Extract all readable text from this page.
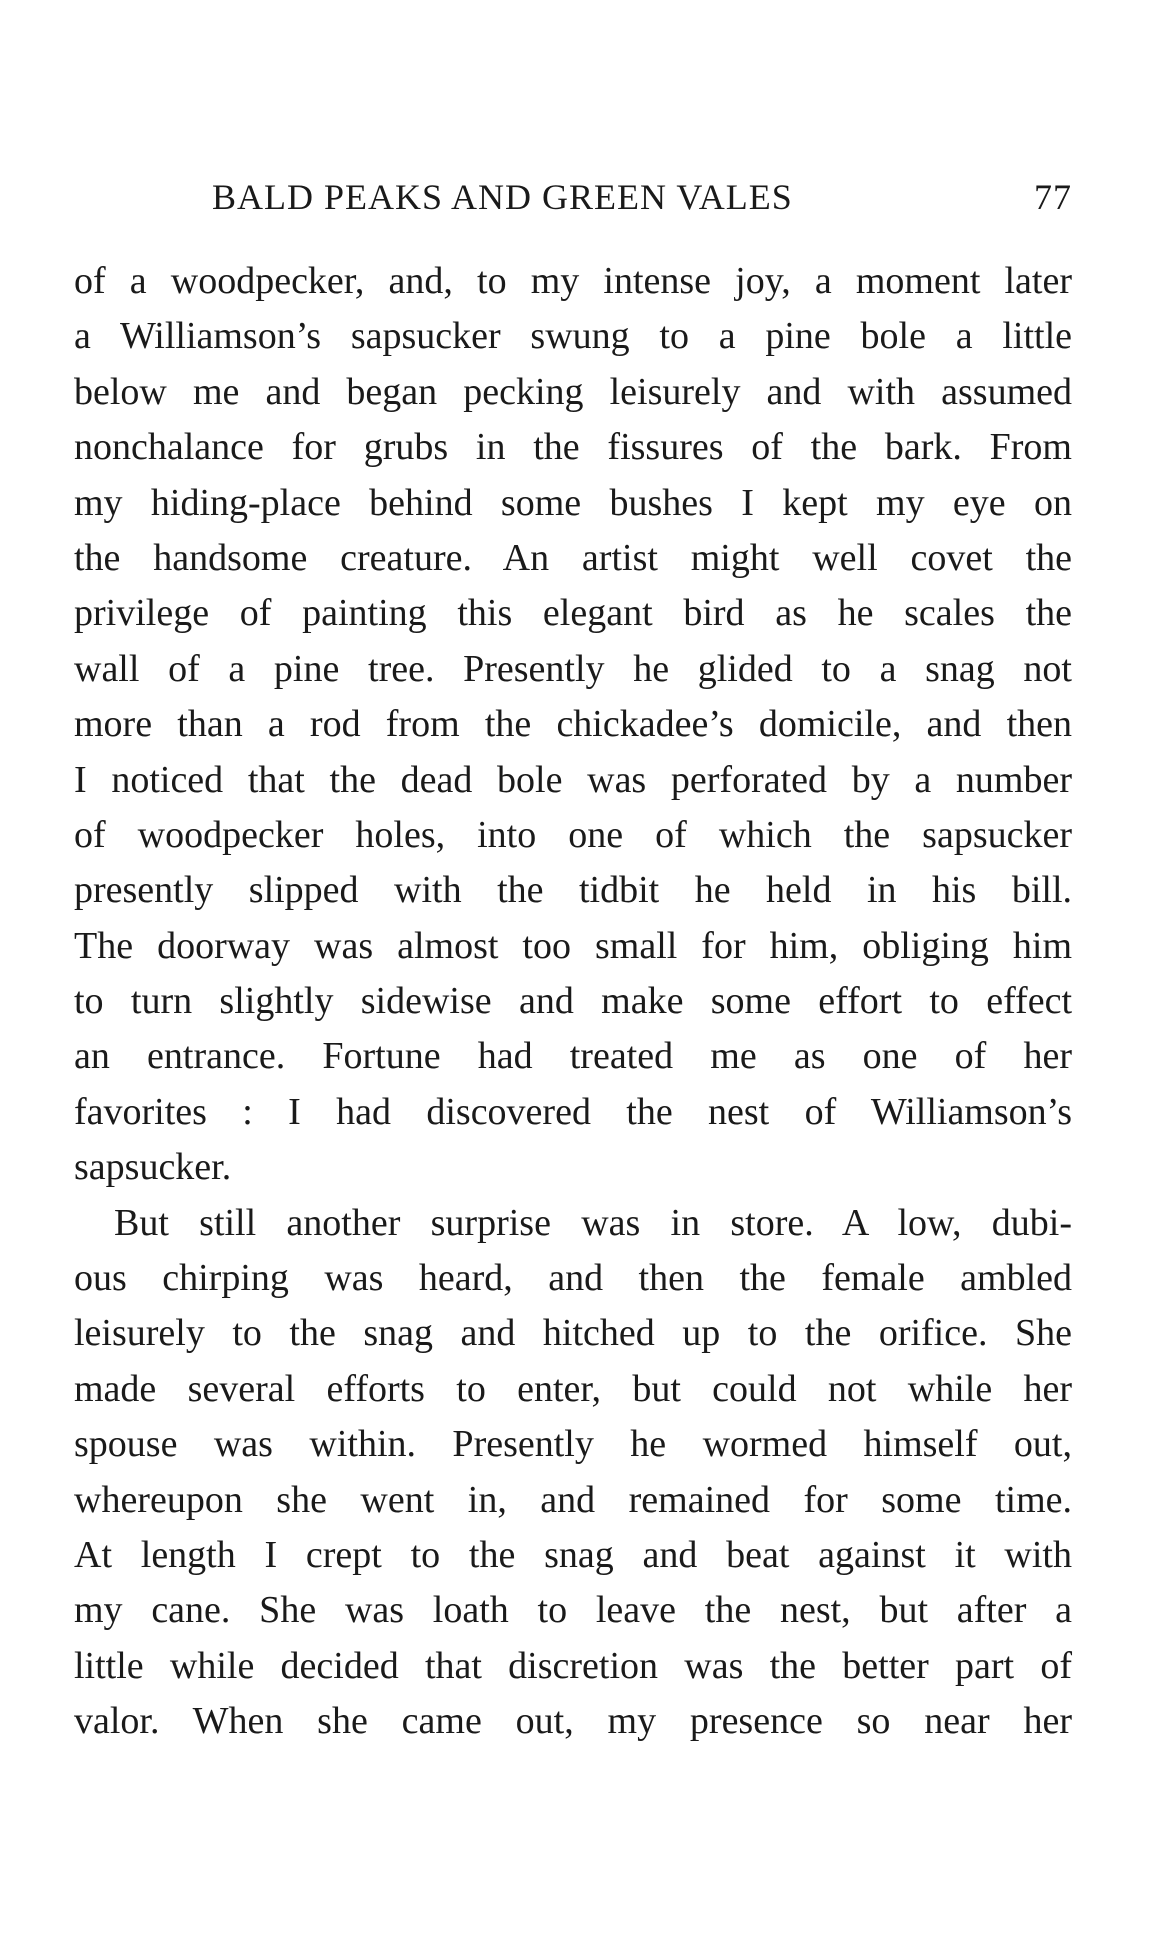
BALD PEAKS AND GREEN VALES	77
of a woodpecker, and, to my intense joy, a moment later
a Williamson’s sapsucker swung to a pine bole a little
below me and began pecking leisurely and with assumed
nonchalance for grubs in the fissures of the bark. From
my hiding-place behind some bushes I kept my eye on
the handsome creature. An artist might well covet the
privilege of painting this elegant bird as he scales the
wall of a pine tree. Presently he glided to a snag not
more than a rod from the chickadee’s domicile, and then
I noticed that the dead bole was perforated by a number
of woodpecker holes, into one of which the sapsucker
presently slipped with the tidbit he held in his bill.
The doorway was almost too small for him, obliging him
to turn slightly sidewise and make some effort to effect
an entrance. Fortune had treated me as one of her
favorites : I had discovered the nest of Williamson’s
sapsucker.
But still another surprise was in store. A low, dubi-
ous chirping was heard, and then the female ambled
leisurely to the snag and hitched up to the orifice. She
made several efforts to enter, but could not while her
spouse was within. Presently he wormed himself out,
whereupon she went in, and remained for some time.
At length I crept to the snag and beat against it with
my cane. She was loath to leave the nest, but after a
little while decided that discretion was the better part of
valor. When she came out, my presence so near her
